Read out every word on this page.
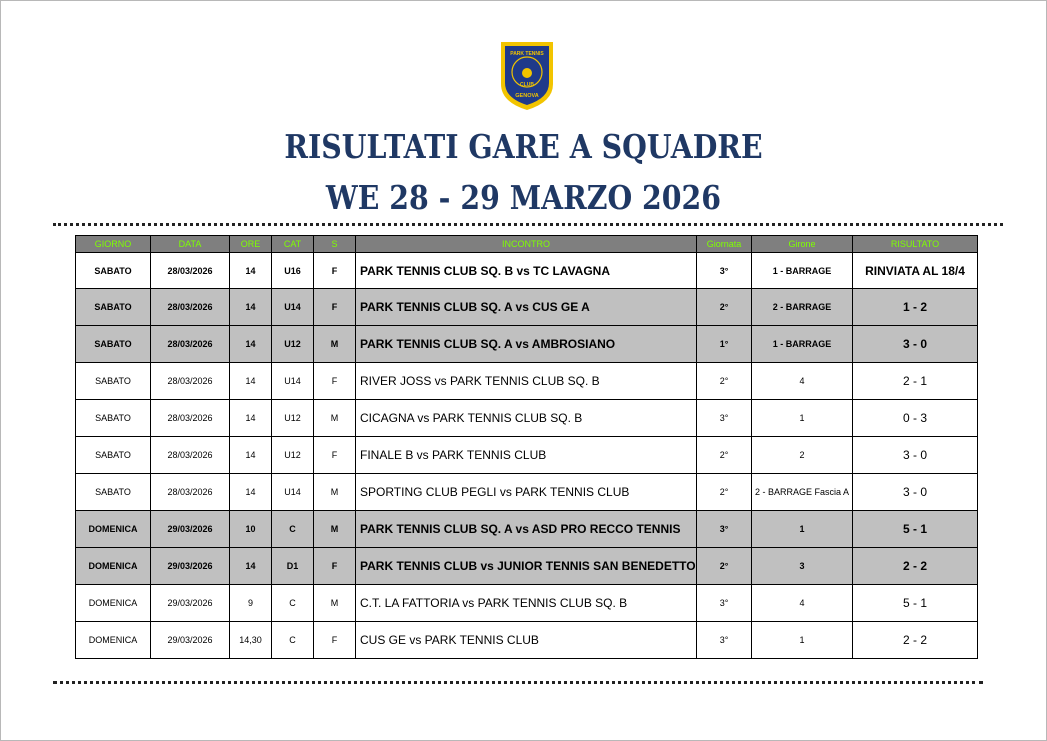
PARK TENNIS
CLUB
GENOVA
RISULTATI GARE A SQUADRE
WE 28 - 29 MARZO 2026
GIORNO	DATA	ORE	CAT	S	INCONTRO	Giornata	Girone	RISULTATO
SABATO	28/03/2026	14	U16	F	PARK TENNIS CLUB SQ. B vs TC LAVAGNA	3°	1 - BARRAGE	RINVIATA AL 18/4
SABATO	28/03/2026	14	U14	F	PARK TENNIS CLUB SQ. A vs CUS GE A	2°	2 - BARRAGE	1 - 2
SABATO	28/03/2026	14	U12	M	PARK TENNIS CLUB SQ. A vs AMBROSIANO	1°	1 - BARRAGE	3 - 0
SABATO	28/03/2026	14	U14	F	RIVER JOSS vs PARK TENNIS CLUB SQ. B	2°	4	2 - 1
SABATO	28/03/2026	14	U12	M	CICAGNA vs PARK TENNIS CLUB SQ. B	3°	1	0 - 3
SABATO	28/03/2026	14	U12	F	FINALE B vs PARK TENNIS CLUB	2°	2	3 - 0
SABATO	28/03/2026	14	U14	M	SPORTING CLUB PEGLI vs PARK TENNIS CLUB	2°	2 - BARRAGE Fascia A	3 - 0
DOMENICA	29/03/2026	10	C	M	PARK TENNIS CLUB SQ. A vs ASD PRO RECCO TENNIS	3°	1	5 - 1
DOMENICA	29/03/2026	14	D1	F	PARK TENNIS CLUB vs JUNIOR TENNIS SAN BENEDETTO	2°	3	2 - 2
DOMENICA	29/03/2026	9	C	M	C.T. LA FATTORIA vs PARK TENNIS CLUB SQ. B	3°	4	5 - 1
DOMENICA	29/03/2026	14,30	C	F	CUS GE vs PARK TENNIS CLUB	3°	1	2 - 2
